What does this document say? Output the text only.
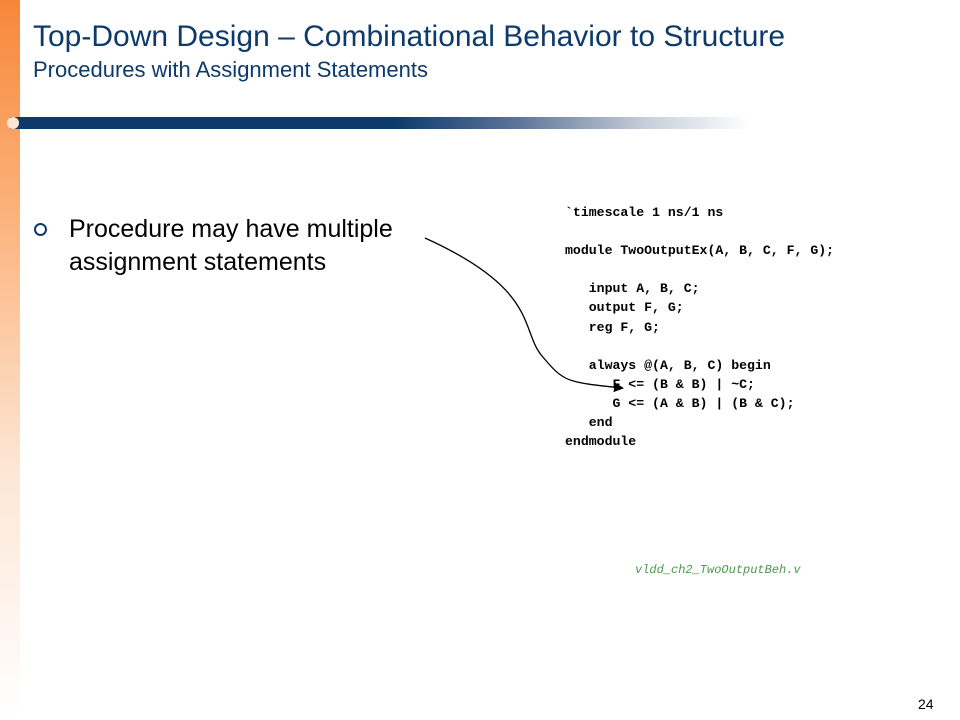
Top-Down Design – Combinational Behavior to Structure
Procedures with Assignment Statements
Procedure may have multiple assignment statements
`timescale 1 ns/1 ns
module TwoOutputEx(A, B, C, F, G);
input A, B, C;
output F, G;
reg F, G;
always @(A, B, C) begin
F <= (B & B) | ~C;
G <= (A & B) | (B & C);
end
endmodule
vldd_ch2_TwoOutputBeh.v
24
